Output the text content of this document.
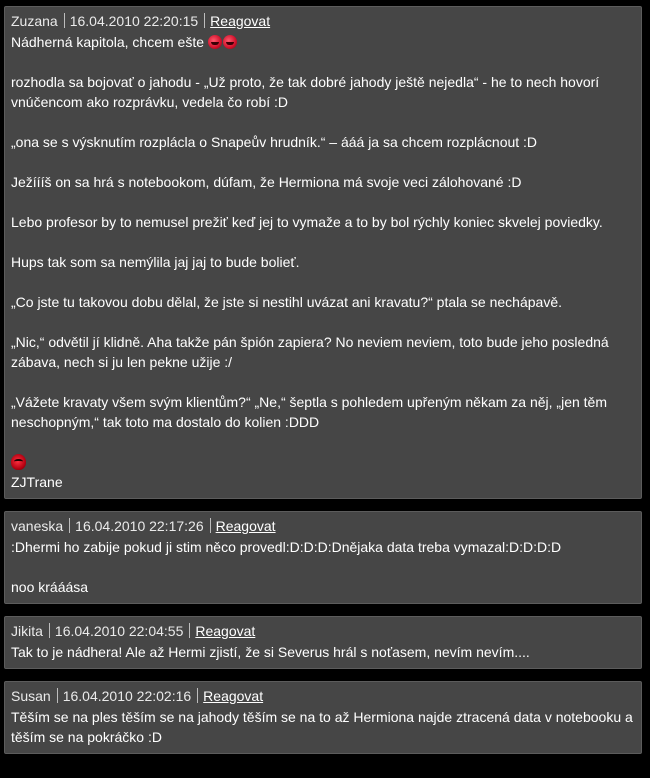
Zuzana 16.04.2010 22:20:15 Reagovat
Nádherná kapitola, chcem ešte
rozhodla sa bojovať o jahodu - „Už proto, že tak dobré jahody ještě nejedla“ - he to nech hovorí vnúčencom ako rozprávku, vedela čo robí :D
„ona se s výsknutím rozplácla o Snapeův hrudník.“ – ááá ja sa chcem rozplácnout :D
Ježíííš on sa hrá s notebookom, dúfam, že Hermiona má svoje veci zálohované :D
Lebo profesor by to nemusel prežiť keď jej to vymaže a to by bol rýchly koniec skvelej poviedky.
Hups tak som sa nemýlila jaj jaj to bude bolieť.
„Co jste tu takovou dobu dělal, že jste si nestihl uvázat ani kravatu?“ ptala se nechápavě.
„Nic,“ odvětil jí klidně. Aha takže pán špión zapiera? No neviem neviem, toto bude jeho posledná zábava, nech si ju len pekne užije :/
„Vážete kravaty všem svým klientům?“ „Ne,“ šeptla s pohledem upřeným někam za něj, „jen těm neschopným,“ tak toto ma dostalo do kolien :DDD
ZJTrane
vaneska 16.04.2010 22:17:26 Reagovat
:Dhermi ho zabije pokud ji stim něco provedl:D:D:D:Dnějaka data treba vymazal:D:D:D:D
noo krááása
Jikita 16.04.2010 22:04:55 Reagovat
Tak to je nádhera! Ale až Hermi zjistí, že si Severus hrál s noťasem, nevím nevím....
Susan 16.04.2010 22:02:16 Reagovat
Těším se na ples těším se na jahody těším se na to až Hermiona najde ztracená data v notebooku a těším se na pokráčko :D
